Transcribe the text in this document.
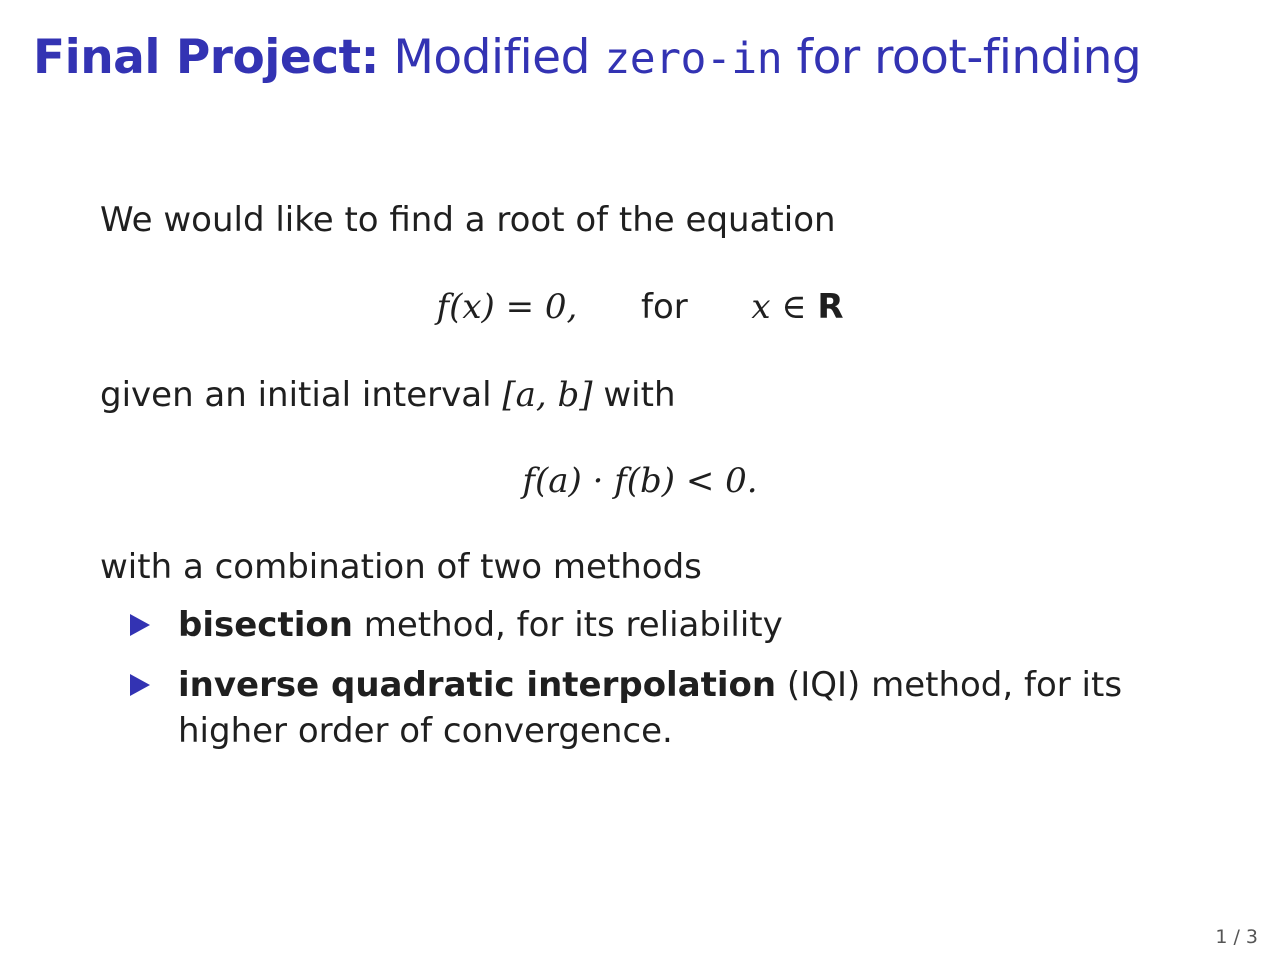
Final Project: Modified zero-in for root-finding
We would like to find a root of the equation
f(x) = 0, for x ∈ R
given an initial interval [a, b] with
f(a) · f(b) < 0.
with a combination of two methods
bisection method, for its reliability
inverse quadratic interpolation (IQI) method, for its higher order of convergence.
1 / 3
